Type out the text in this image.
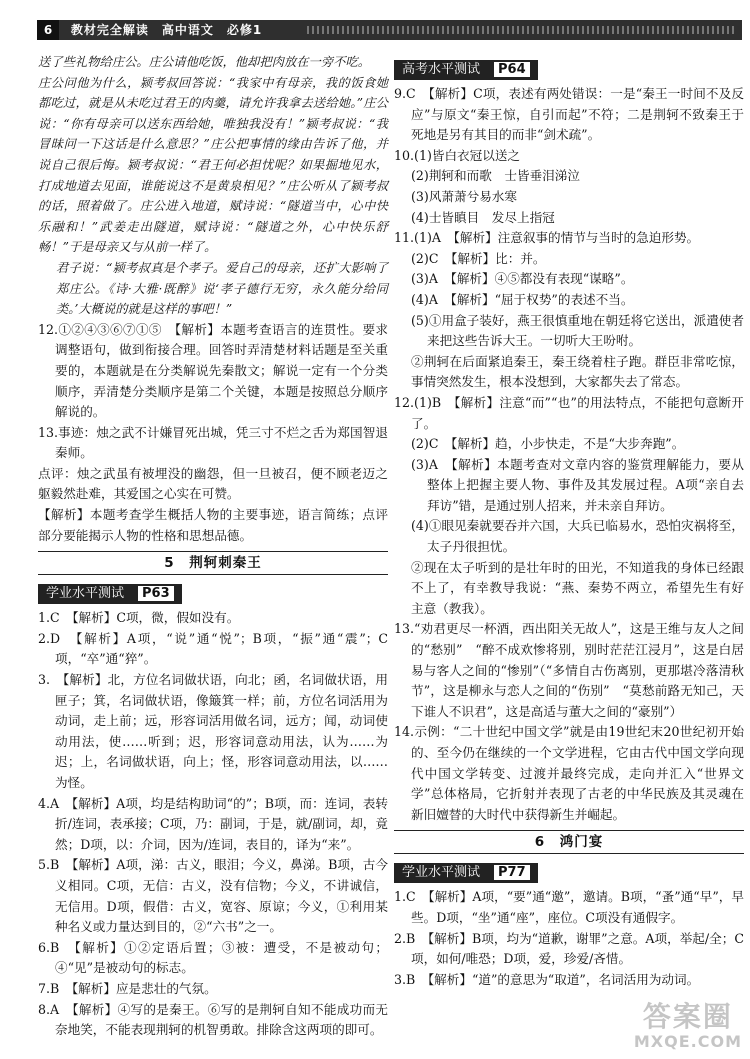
6 教材完全解读　高中语文　必修1

送了些礼物给庄公。庄公请他吃饭，他却把肉放在一旁不吃。

庄公问他为什么，颍考叔回答说：“我家中有母亲，我的饭食她都吃过，就是从未吃过君王的肉羹，请允许我拿去送给她。”庄公说：“你有母亲可以送东西给她，唯独我没有！”颍考叔说：“我冒昧问一下这话是什么意思？”庄公把事情的缘由告诉了他，并说自己很后悔。颍考叔说：“君王何必担忧呢？如果掘地见水，打成地道去见面，谁能说这不是黄泉相见？”庄公听从了颍考叔的话，照着做了。庄公进入地道，赋诗说：“隧道当中，心中快乐融和！”武姜走出隧道，赋诗说：“隧道之外，心中快乐舒畅！”于是母亲又与从前一样了。

君子说：“颍考叔真是个孝子。爱自己的母亲，还扩大影响了郑庄公。《诗·大雅·既醉》说‘孝子德行无穷，永久能分给同类。’大概说的就是这样的事吧！”

12.①②④③⑥⑦①⑤　【解析】本题考查语言的连贯性。要求调整语句，做到衔接合理。回答时弄清楚材料话题是至关重要的，本题就是在分类解说先秦散文；解说一定有一个分类顺序，弄清楚分类顺序是第二个关键，本题是按照总分顺序解说的。

13.事迹：烛之武不计嫌冒死出城，凭三寸不烂之舌为郑国智退秦师。

点评：烛之武虽有被埋没的幽怨，但一旦被召，便不顾老迈之躯毅然赴难，其爱国之心实在可赞。

【解析】本题考查学生概括人物的主要事迹，语言简练；点评部分要能揭示人物的性格和思想品德。

5　荆轲刺秦王
学业水平测试 P63

1.C　【解析】C项，微，假如没有。

2.D　【解析】A项，“说”通“悦”；B项，“振”通“震”；C项，“卒”通“猝”。

3.　【解析】北，方位名词做状语，向北；函，名词做状语，用匣子；箕，名词做状语，像簸箕一样；前，方位名词活用为动词，走上前；远，形容词活用做名词，远方；闻，动词使动用法，使……听到；迟，形容词意动用法，认为……为迟；上，名词做状语，向上；怪，形容词意动用法，以……为怪。

4.A　【解析】A项，均是结构助词“的”；B项，而：连词，表转折/连词，表承接；C项，乃：副词，于是，就/副词，却，竟然；D项，以：介词，因为/连词，表目的，译为“来”。

5.B　【解析】A项，涕：古义，眼泪；今义，鼻涕。B项，古今义相同。C项，无信：古义，没有信物；今义，不讲诚信，无信用。D项，假借：古义，宽容、原谅；今义，①利用某种名义或力量达到目的，②“六书”之一。

6.B　【解析】①②定语后置；③被：遭受，不是被动句；④“见”是被动句的标志。

7.B　【解析】应是悲壮的气氛。

8.A　【解析】④写的是秦王。⑥写的是荆轲自知不能成功而无奈地笑，不能表现荆轲的机智勇敢。排除含这两项的即可。

高考水平测试 P64

9.C　【解析】C项，表述有两处错误：一是“秦王一时间不及反应”与原文“秦王惊，自引而起”不符；二是荆轲不致秦王于死地是另有其目的而非“剑术疏”。

10.(1)皆白衣冠以送之

(2)荆轲和而歌　士皆垂泪涕泣

(3)风萧萧兮易水寒

(4)士皆瞋目　发尽上指冠

11.(1)A　【解析】注意叙事的情节与当时的急迫形势。

(2)C　【解析】比：并。

(3)A　【解析】④⑤都没有表现“谋略”。

(4)A　【解析】“屈于权势”的表述不当。

(5)①用盒子装好，燕王很慎重地在朝廷将它送出，派遣使者来把这些告诉大王。一切听大王吩咐。

②荆轲在后面紧追秦王，秦王绕着柱子跑。群臣非常吃惊，事情突然发生，根本没想到，大家都失去了常态。

12.(1)B　【解析】注意“而”“也”的用法特点，不能把句意断开了。

(2)C　【解析】趋，小步快走，不是“大步奔跑”。

(3)A　【解析】本题考查对文章内容的鉴赏理解能力，要从整体上把握主要人物、事件及其发展过程。A项“亲自去拜访”错，是通过别人招来，并未亲自拜访。

(4)①眼见秦就要吞并六国，大兵已临易水，恐怕灾祸将至，太子丹很担忧。

②现在太子听到的是壮年时的田光，不知道我的身体已经跟不上了，有幸教导我说：“燕、秦势不两立，希望先生有好主意（教我）。

13.“劝君更尽一杯酒，西出阳关无故人”，这是王维与友人之间的“愁别”　“醉不成欢惨将别，别时茫茫江浸月”，这是白居易与客人之间的“惨别”（“多情自古伤离别，更那堪冷落清秋节”，这是柳永与恋人之间的“伤别”　“莫愁前路无知己，天下谁人不识君”，这是高适与董大之间的“豪别”）

14.示例：“二十世纪中国文学”就是由19世纪末20世纪初开始的、至今仍在继续的一个文学进程，它由古代中国文学向现代中国文学转变、过渡并最终完成，走向并汇入“世界文学”总体格局，它折射并表现了古老的中华民族及其灵魂在新旧嬗替的大时代中获得新生并崛起。

6　鸿门宴
学业水平测试 P77

1.C　【解析】A项，“要”通“邀”，邀请。B项，“蚤”通“早”，早些。D项，“坐”通“座”，座位。C项没有通假字。

2.B　【解析】B项，均为“道歉，谢罪”之意。A项，举起/全；C项，如何/唯恐；D项，爱，珍爱/吝惜。

3.B　【解析】“道”的意思为“取道”，名词活用为动词。

答案圈
MXQE.COM
